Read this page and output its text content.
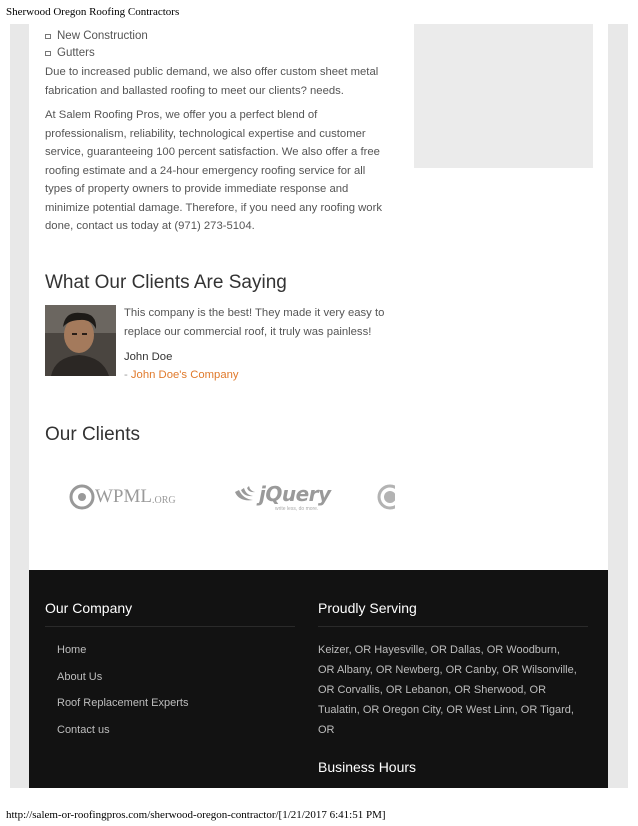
Sherwood Oregon Roofing Contractors
New Construction
Gutters

Due to increased public demand, we also offer custom sheet metal fabrication and ballasted roofing to meet our clients? needs.

At Salem Roofing Pros, we offer you a perfect blend of professionalism, reliability, technological expertise and customer service, guaranteeing 100 percent satisfaction. We also offer a free roofing estimate and a 24-hour emergency roofing service for all types of property owners to provide immediate response and minimize potential damage. Therefore, if you need any roofing work done, contact us today at (971) 273-5104.

What Our Clients Are Saying

This company is the best! They made it very easy to replace our commercial roof, it truly was painless!

John Doe
- John Doe's Company
Our Clients
WPML .ORG	jQuery
write less, do more.
Our Company
Home
About Us
Roof Replacement Experts
Contact us
Proudly Serving

Keizer, OR Hayesville, OR Dallas, OR Woodburn, OR Albany, OR Newberg, OR Canby, OR Wilsonville, OR Corvallis, OR Lebanon, OR Sherwood, OR Tualatin, OR Oregon City, OR West Linn, OR Tigard, OR

Business Hours
http://salem-or-roofingpros.com/sherwood-oregon-contractor/[1/21/2017 6:41:51 PM]
